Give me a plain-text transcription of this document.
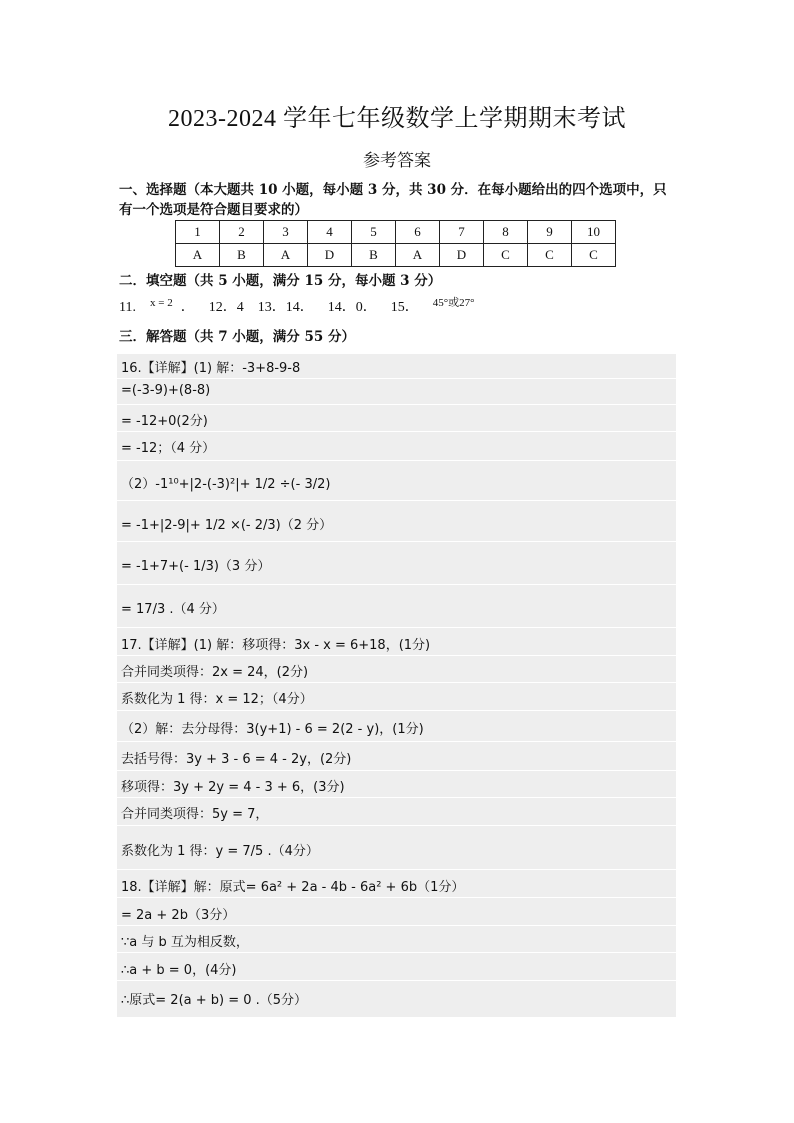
2023-2024 学年七年级数学上学期期末考试
参考答案
一、选择题（本大题共 10 小题，每小题 3 分，共 30 分．在每小题给出的四个选项中，只有一个选项是符合题目要求的）
1	2	3	4	5	6	7	8	9	10
A	B	A	D	B	A	D	C	C	C
二．填空题（共 5 小题，满分 15 分，每小题 3 分）
11. x = 2 ． 12．4 13．14． 14．0． 15． 45°或27°
三．解答题（共 7 小题，满分 55 分）
16.【详解】(1) 解：-3+8-9-8
=(-3-9)+(8-8)
= -12+0(2分)
= -12；（4 分）
（2）-1¹⁰+|2-(-3)²|+ 1/2 ÷(- 3/2)
= -1+|2-9|+ 1/2 ×(- 2/3)（2 分）
= -1+7+(- 1/3)（3 分）
= 17/3 .（4 分）
17.【详解】(1) 解：移项得：3x - x = 6+18，(1分)
合并同类项得：2x = 24，(2分)
系数化为 1 得：x = 12；（4分）
（2）解：去分母得：3(y+1) - 6 = 2(2 - y)，(1分)
去括号得：3y + 3 - 6 = 4 - 2y，(2分)
移项得：3y + 2y = 4 - 3 + 6，(3分)
合并同类项得：5y = 7，
系数化为 1 得：y = 7/5 .（4分）
18.【详解】解：原式= 6a² + 2a - 4b - 6a² + 6b（1分）
= 2a + 2b（3分）
∵a 与 b 互为相反数，
∴a + b = 0，(4分)
∴原式= 2(a + b) = 0 .（5分）
